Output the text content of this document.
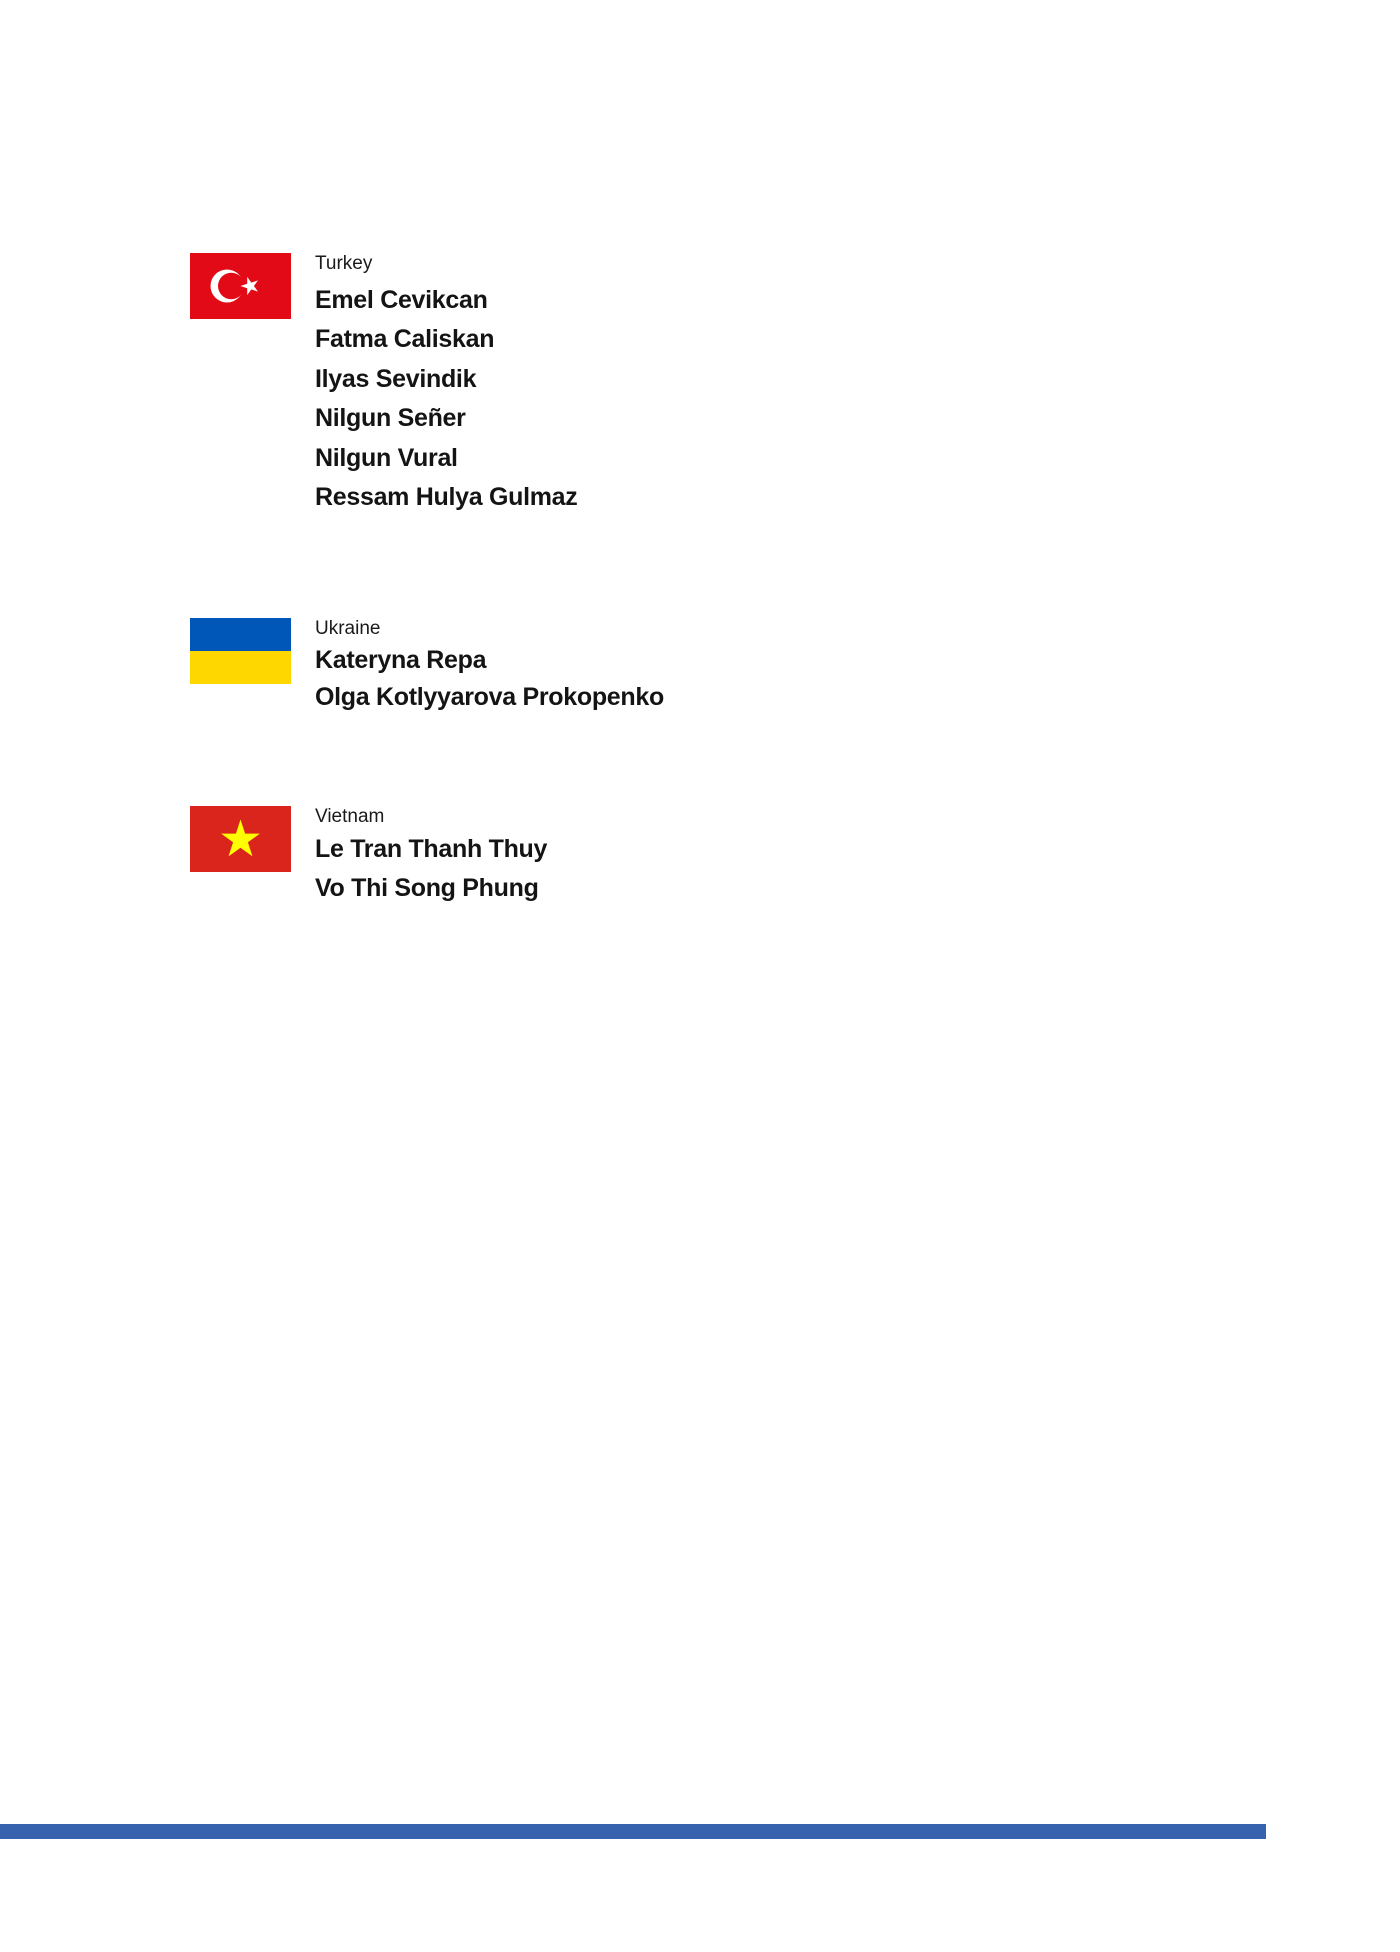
Turkey
Emel Cevikcan
Fatma Caliskan
Ilyas Sevindik
Nilgun Señer
Nilgun Vural
Ressam Hulya Gulmaz
Ukraine
Kateryna Repa
Olga Kotlyyarova Prokopenko
Vietnam
Le Tran Thanh Thuy
Vo Thi Song Phung
